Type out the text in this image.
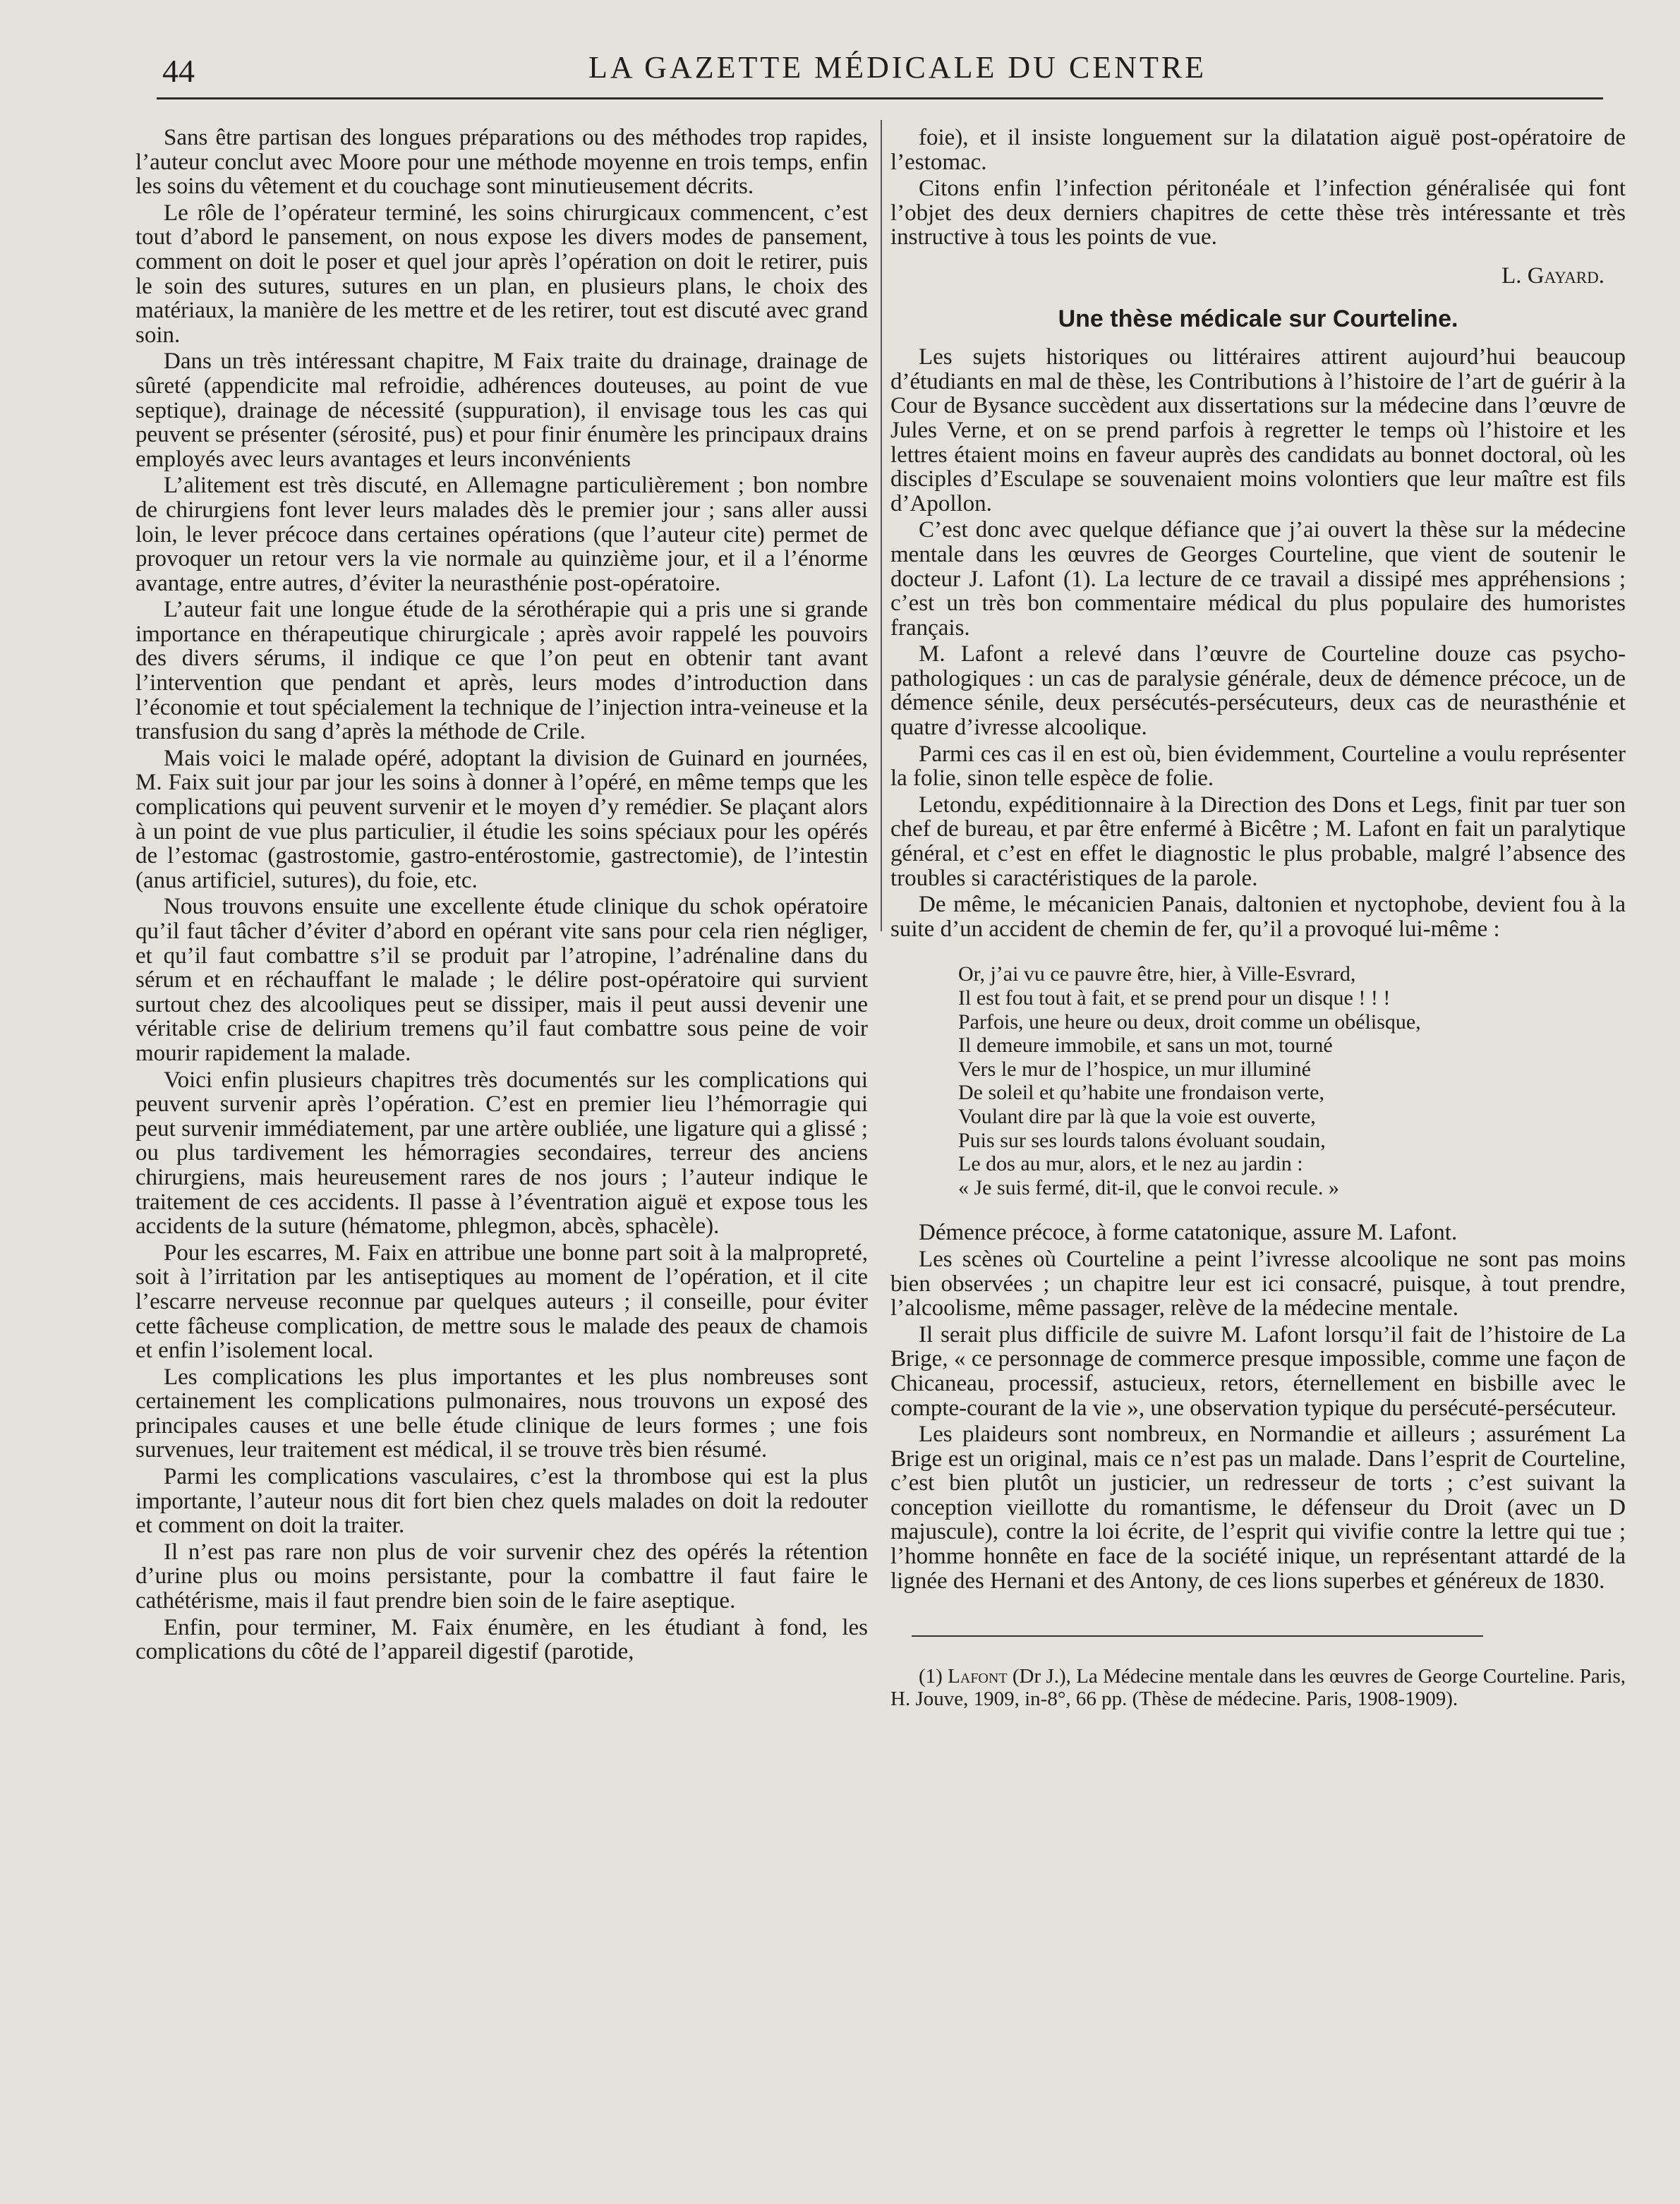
44	LA GAZETTE MÉDICALE DU CENTRE

Sans être partisan des longues préparations ou des méthodes trop rapides, l’auteur conclut avec Moore pour une méthode moyenne en trois temps, enfin les soins du vêtement et du couchage sont minutieusement décrits.

Le rôle de l’opérateur terminé, les soins chirurgicaux commencent, c’est tout d’abord le pansement, on nous expose les divers modes de pansement, comment on doit le poser et quel jour après l’opération on doit le retirer, puis le soin des sutures, sutures en un plan, en plusieurs plans, le choix des matériaux, la manière de les mettre et de les retirer, tout est discuté avec grand soin.

Dans un très intéressant chapitre, M Faix traite du drainage, drainage de sûreté (appendicite mal refroidie, adhérences douteuses, au point de vue septique), drainage de nécessité (suppuration), il envisage tous les cas qui peuvent se présenter (sérosité, pus) et pour finir énumère les principaux drains employés avec leurs avantages et leurs inconvénients

L’alitement est très discuté, en Allemagne particulièrement ; bon nombre de chirurgiens font lever leurs malades dès le premier jour ; sans aller aussi loin, le lever précoce dans certaines opérations (que l’auteur cite) permet de provoquer un retour vers la vie normale au quinzième jour, et il a l’énorme avantage, entre autres, d’éviter la neurasthénie post-opératoire.

L’auteur fait une longue étude de la sérothérapie qui a pris une si grande importance en thérapeutique chirurgicale ; après avoir rappelé les pouvoirs des divers sérums, il indique ce que l’on peut en obtenir tant avant l’intervention que pendant et après, leurs modes d’introduction dans l’économie et tout spécialement la technique de l’injection intra-veineuse et la transfusion du sang d’après la méthode de Crile.

Mais voici le malade opéré, adoptant la division de Guinard en journées, M. Faix suit jour par jour les soins à donner à l’opéré, en même temps que les complications qui peuvent survenir et le moyen d’y remédier. Se plaçant alors à un point de vue plus particulier, il étudie les soins spéciaux pour les opérés de l’estomac (gastrostomie, gastro-entérostomie, gastrectomie), de l’intestin (anus artificiel, sutures), du foie, etc.

Nous trouvons ensuite une excellente étude clinique du schok opératoire qu’il faut tâcher d’éviter d’abord en opérant vite sans pour cela rien négliger, et qu’il faut combattre s’il se produit par l’atropine, l’adrénaline dans du sérum et en réchauffant le malade ; le délire post-opératoire qui survient surtout chez des alcooliques peut se dissiper, mais il peut aussi devenir une véritable crise de delirium tremens qu’il faut combattre sous peine de voir mourir rapidement la malade.

Voici enfin plusieurs chapitres très documentés sur les complications qui peuvent survenir après l’opération. C’est en premier lieu l’hémorragie qui peut survenir immédiatement, par une artère oubliée, une ligature qui a glissé ; ou plus tardivement les hémorragies secondaires, terreur des anciens chirurgiens, mais heureusement rares de nos jours ; l’auteur indique le traitement de ces accidents. Il passe à l’éventration aiguë et expose tous les accidents de la suture (hématome, phlegmon, abcès, sphacèle).

Pour les escarres, M. Faix en attribue une bonne part soit à la malpropreté, soit à l’irritation par les antiseptiques au moment de l’opération, et il cite l’escarre nerveuse reconnue par quelques auteurs ; il conseille, pour éviter cette fâcheuse complication, de mettre sous le malade des peaux de chamois et enfin l’isolement local.

Les complications les plus importantes et les plus nombreuses sont certainement les complications pulmonaires, nous trouvons un exposé des principales causes et une belle étude clinique de leurs formes ; une fois survenues, leur traitement est médical, il se trouve très bien résumé.

Parmi les complications vasculaires, c’est la thrombose qui est la plus importante, l’auteur nous dit fort bien chez quels malades on doit la redouter et comment on doit la traiter.

Il n’est pas rare non plus de voir survenir chez des opérés la rétention d’urine plus ou moins persistante, pour la combattre il faut faire le cathétérisme, mais il faut prendre bien soin de le faire aseptique.

Enfin, pour terminer, M. Faix énumère, en les étudiant à fond, les complications du côté de l’appareil digestif (parotide,

foie), et il insiste longuement sur la dilatation aiguë post-opératoire de l’estomac.

Citons enfin l’infection péritonéale et l’infection généralisée qui font l’objet des deux derniers chapitres de cette thèse très intéressante et très instructive à tous les points de vue.

L. Gayard.

Une thèse médicale sur Courteline.

Les sujets historiques ou littéraires attirent aujourd’hui beaucoup d’étudiants en mal de thèse, les Contributions à l’histoire de l’art de guérir à la Cour de Bysance succèdent aux dissertations sur la médecine dans l’œuvre de Jules Verne, et on se prend parfois à regretter le temps où l’histoire et les lettres étaient moins en faveur auprès des candidats au bonnet doctoral, où les disciples d’Esculape se souvenaient moins volontiers que leur maître est fils d’Apollon.

C’est donc avec quelque défiance que j’ai ouvert la thèse sur la médecine mentale dans les œuvres de Georges Courteline, que vient de soutenir le docteur J. Lafont (1). La lecture de ce travail a dissipé mes appréhensions ; c’est un très bon commentaire médical du plus populaire des humoristes français.

M. Lafont a relevé dans l’œuvre de Courteline douze cas psycho-pathologiques : un cas de paralysie générale, deux de démence précoce, un de démence sénile, deux persécutés-persécuteurs, deux cas de neurasthénie et quatre d’ivresse alcoolique.

Parmi ces cas il en est où, bien évidemment, Courteline a voulu représenter la folie, sinon telle espèce de folie.

Letondu, expéditionnaire à la Direction des Dons et Legs, finit par tuer son chef de bureau, et par être enfermé à Bicêtre ; M. Lafont en fait un paralytique général, et c’est en effet le diagnostic le plus probable, malgré l’absence des troubles si caractéristiques de la parole.

De même, le mécanicien Panais, daltonien et nyctophobe, devient fou à la suite d’un accident de chemin de fer, qu’il a provoqué lui-même :

Or, j’ai vu ce pauvre être, hier, à Ville-Esvrard,
Il est fou tout à fait, et se prend pour un disque ! ! !
Parfois, une heure ou deux, droit comme un obélisque,
Il demeure immobile, et sans un mot, tourné
Vers le mur de l’hospice, un mur illuminé
De soleil et qu’habite une frondaison verte,
Voulant dire par là que la voie est ouverte,
Puis sur ses lourds talons évoluant soudain,
Le dos au mur, alors, et le nez au jardin :
« Je suis fermé, dit-il, que le convoi recule. »

Démence précoce, à forme catatonique, assure M. Lafont.

Les scènes où Courteline a peint l’ivresse alcoolique ne sont pas moins bien observées ; un chapitre leur est ici consacré, puisque, à tout prendre, l’alcoolisme, même passager, relève de la médecine mentale.

Il serait plus difficile de suivre M. Lafont lorsqu’il fait de l’histoire de La Brige, « ce personnage de commerce presque impossible, comme une façon de Chicaneau, processif, astucieux, retors, éternellement en bisbille avec le compte-courant de la vie », une observation typique du persécuté-persécuteur.

Les plaideurs sont nombreux, en Normandie et ailleurs ; assurément La Brige est un original, mais ce n’est pas un malade. Dans l’esprit de Courteline, c’est bien plutôt un justicier, un redresseur de torts ; c’est suivant la conception vieillotte du romantisme, le défenseur du Droit (avec un D majuscule), contre la loi écrite, de l’esprit qui vivifie contre la lettre qui tue ; l’homme honnête en face de la société inique, un représentant attardé de la lignée des Hernani et des Antony, de ces lions superbes et généreux de 1830.

(1) Lafont (Dr J.), La Médecine mentale dans les œuvres de George Courteline. Paris, H. Jouve, 1909, in-8°, 66 pp. (Thèse de médecine. Paris, 1908-1909).
